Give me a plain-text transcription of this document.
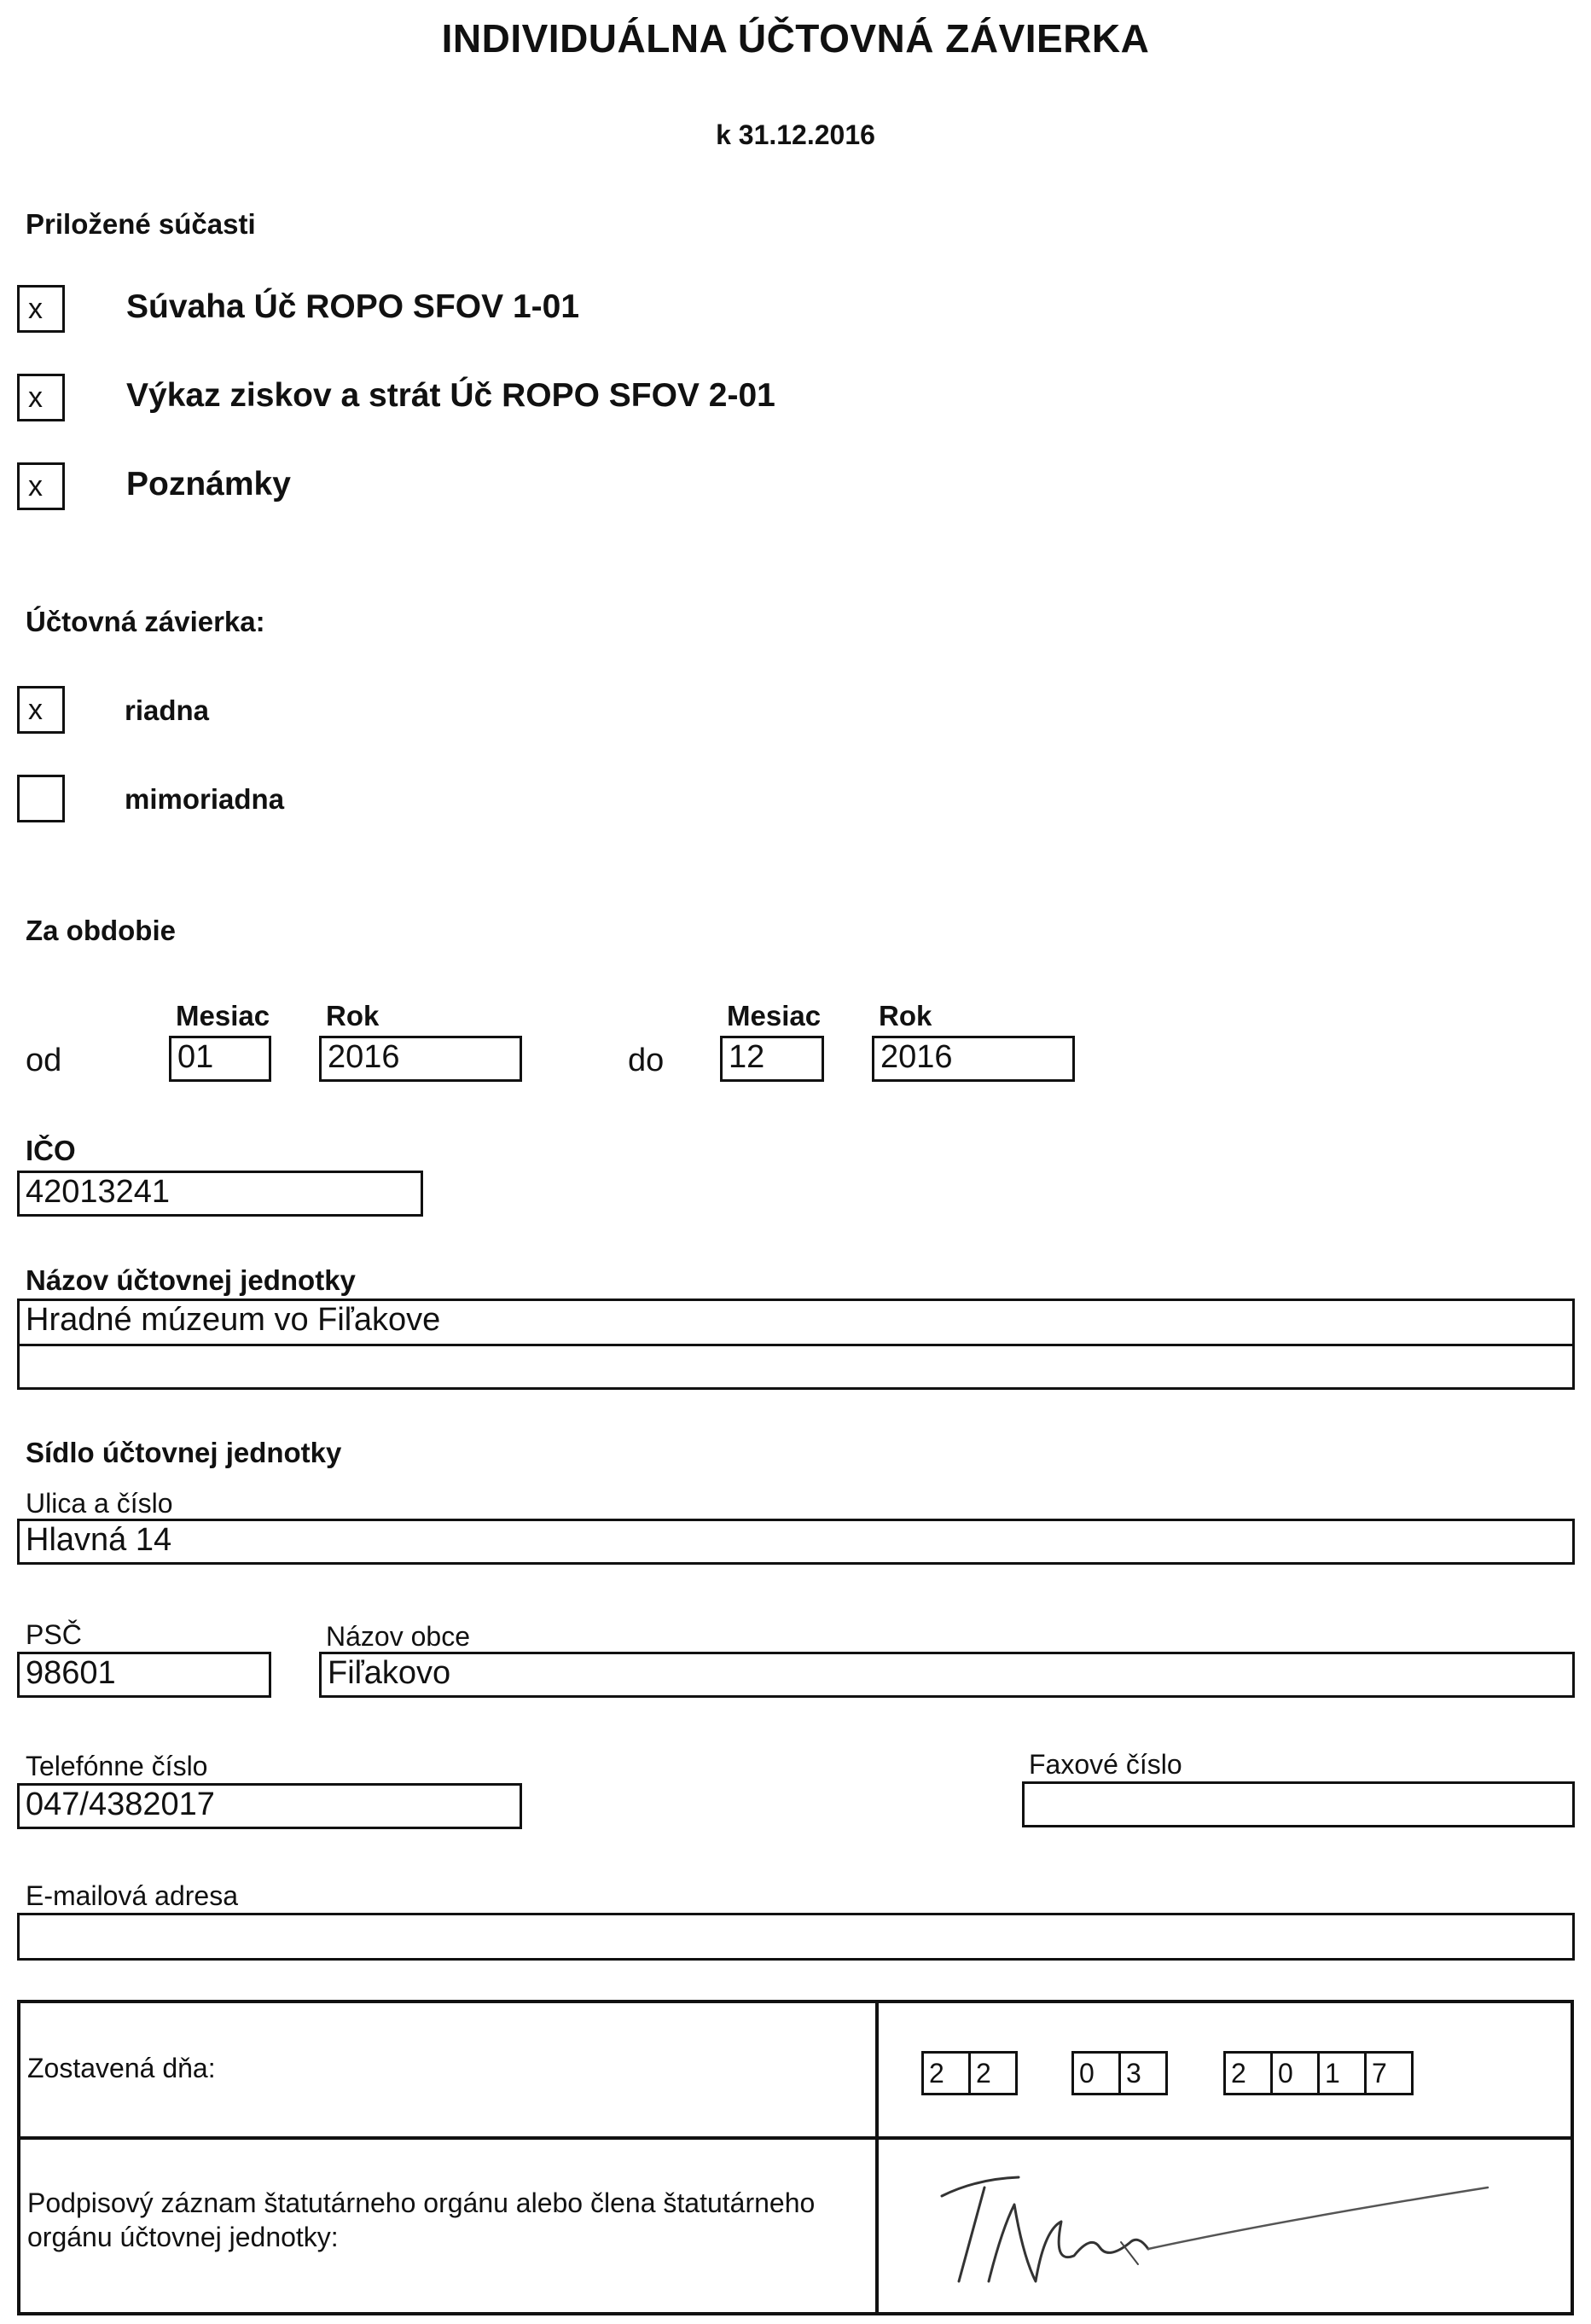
INDIVIDUÁLNA ÚČTOVNÁ ZÁVIERKA
k 31.12.2016
Priložené súčasti
x	Súvaha Úč ROPO SFOV 1-01
x	Výkaz ziskov a strát Úč ROPO SFOV 2-01
x	Poznámky
Účtovná závierka:
x	riadna
mimoriadna
Za obdobie
Mesiac Rok	Mesiac Rok
od	01	2016	do 12	2016
IČO
42013241
Názov účtovnej jednotky
Hradné múzeum vo Fiľakove
Sídlo účtovnej jednotky
Ulica a číslo
Hlavná 14
PSČ
98601
Názov obce
Fiľakovo
Telefónne číslo
047/4382017
Faxové číslo
E-mailová adresa
Zostavená dňa:	2	2	0	3	2	0	1	7
Podpisový záznam štatutárneho orgánu alebo člena štatutárneho orgánu účtovnej jednotky:
